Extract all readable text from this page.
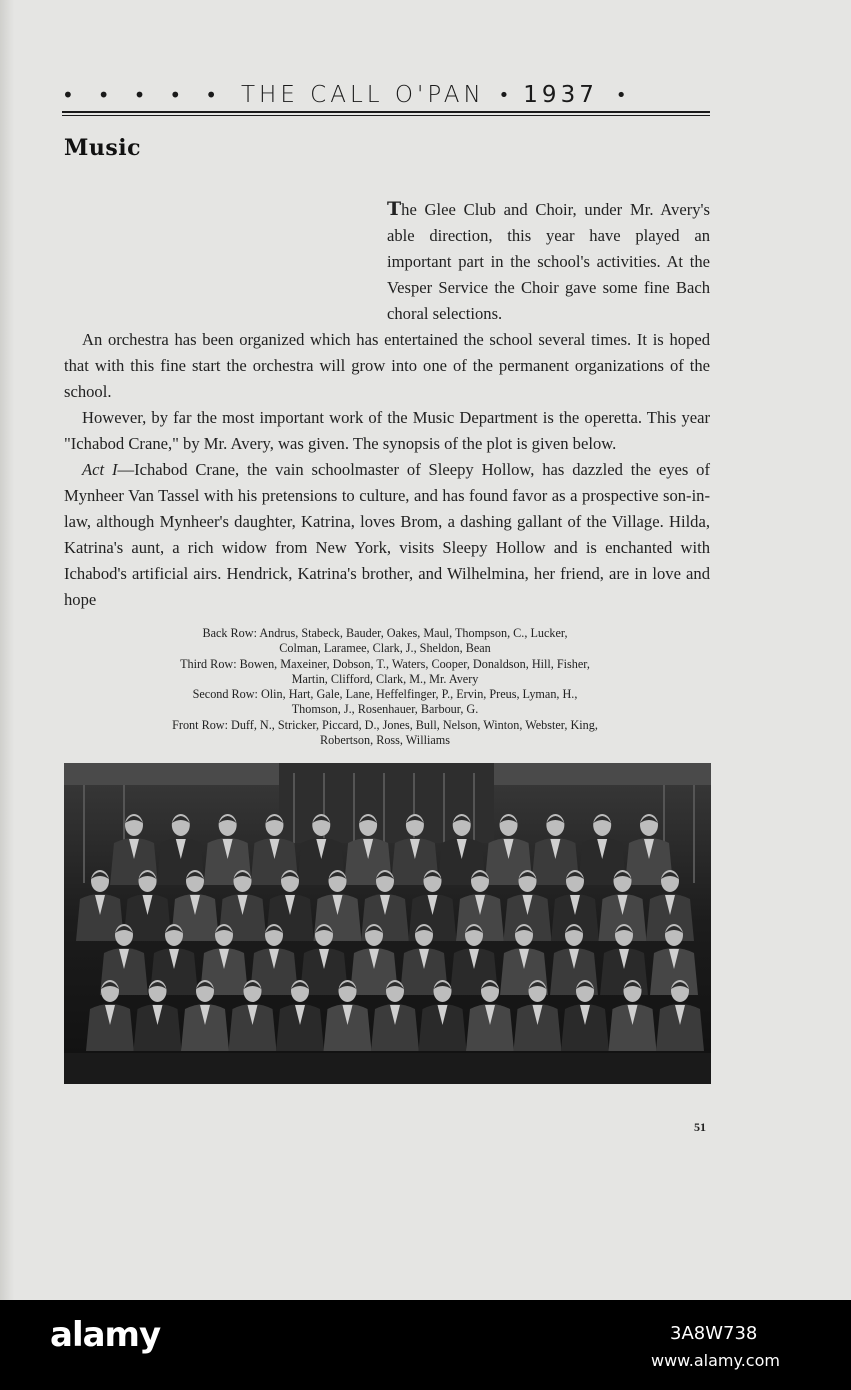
• • • • • THE CALL O'PAN • 1937 •
Music

The Glee Club and Choir, under Mr. Avery's able direction, this year have played an important part in the school's activities. At the Vesper Service the Choir gave some fine Bach choral selections.

An orchestra has been organized which has entertained the school several times. It is hoped that with this fine start the orchestra will grow into one of the permanent organizations of the school.

However, by far the most important work of the Music Department is the operetta. This year "Ichabod Crane," by Mr. Avery, was given. The synopsis of the plot is given below.

Act I—Ichabod Crane, the vain schoolmaster of Sleepy Hollow, has dazzled the eyes of Mynheer Van Tassel with his pretensions to culture, and has found favor as a prospective son-in-law, although Mynheer's daughter, Katrina, loves Brom, a dashing gallant of the Village. Hilda, Katrina's aunt, a rich widow from New York, visits Sleepy Hollow and is enchanted with Ichabod's artificial airs. Hendrick, Katrina's brother, and Wilhelmina, her friend, are in love and hope

Back Row: Andrus, Stabeck, Bauder, Oakes, Maul, Thompson, C., Lucker,
Colman, Laramee, Clark, J., Sheldon, Bean
Third Row: Bowen, Maxeiner, Dobson, T., Waters, Cooper, Donaldson, Hill, Fisher,
Martin, Clifford, Clark, M., Mr. Avery
Second Row: Olin, Hart, Gale, Lane, Heffelfinger, P., Ervin, Preus, Lyman, H.,
Thomson, J., Rosenhauer, Barbour, G.
Front Row: Duff, N., Stricker, Piccard, D., Jones, Bull, Nelson, Winton, Webster, King,
Robertson, Ross, Williams
51
alamy	3A8W738
www.alamy.com
